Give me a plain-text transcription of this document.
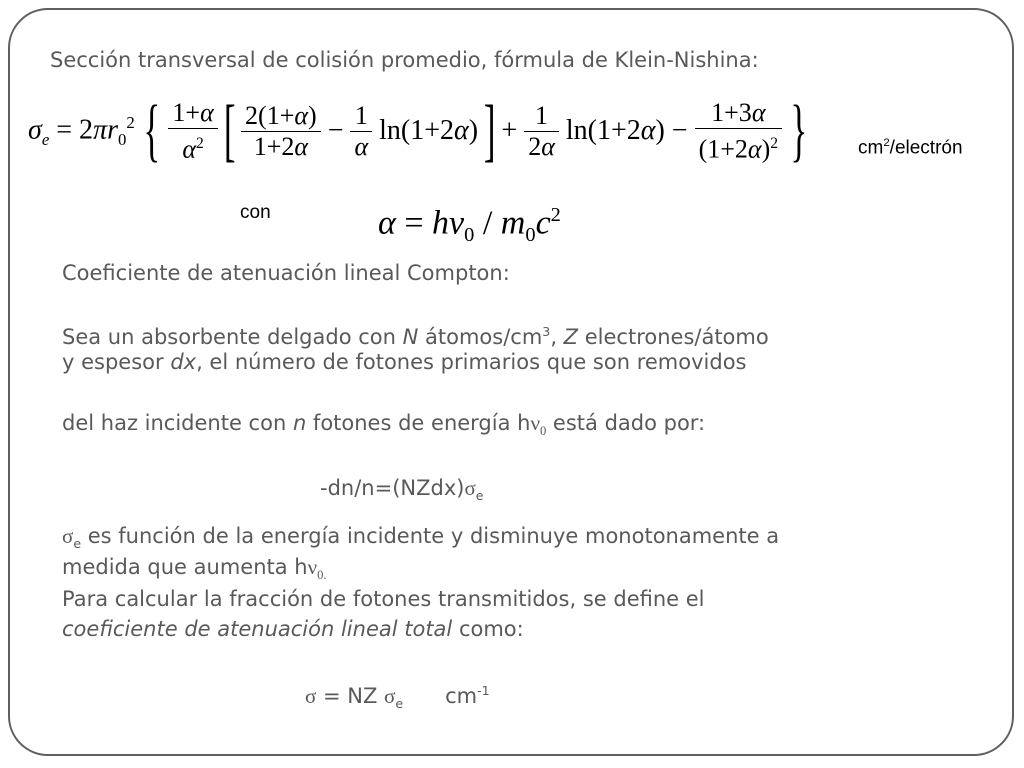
Sección transversal de colisión promedio, fórmula de Klein-Nishina:
$\sigma_e = 2\pi r_0^2$ { $\frac{1+\alpha}{\alpha^2}$ [ $\frac{2(1+\alpha)}{1+2\alpha} - \frac{1}{\alpha} \ln(1+2\alpha)$ ] + $\frac{1}{2\alpha} \ln(1+2\alpha) - \frac{1+3\alpha}{(1+2\alpha)^2}$ }	$cm^2$/electrón
con	$\alpha = h\nu_0 / m_0c^2$
Coeficiente de atenuación lineal Compton:
Sea un absorbente delgado con N átomos/$cm^3$, Z electrones/átomo
y espesor dx, el número de fotones primarios que son removidos
del haz incidente con n fotones de energía $h\nu_0$ está dado por:
$-dn/n=(NZdx)\sigma_e$
$\sigma_e$ es función de la energía incidente y disminuye monotonamente a
medida que aumenta $h\nu_{0.}$
Para calcular la fracción de fotones transmitidos, se define el
coeficiente de atenuación lineal total como:
σ = NZ $\sigma_e$ $cm^{-1}$
